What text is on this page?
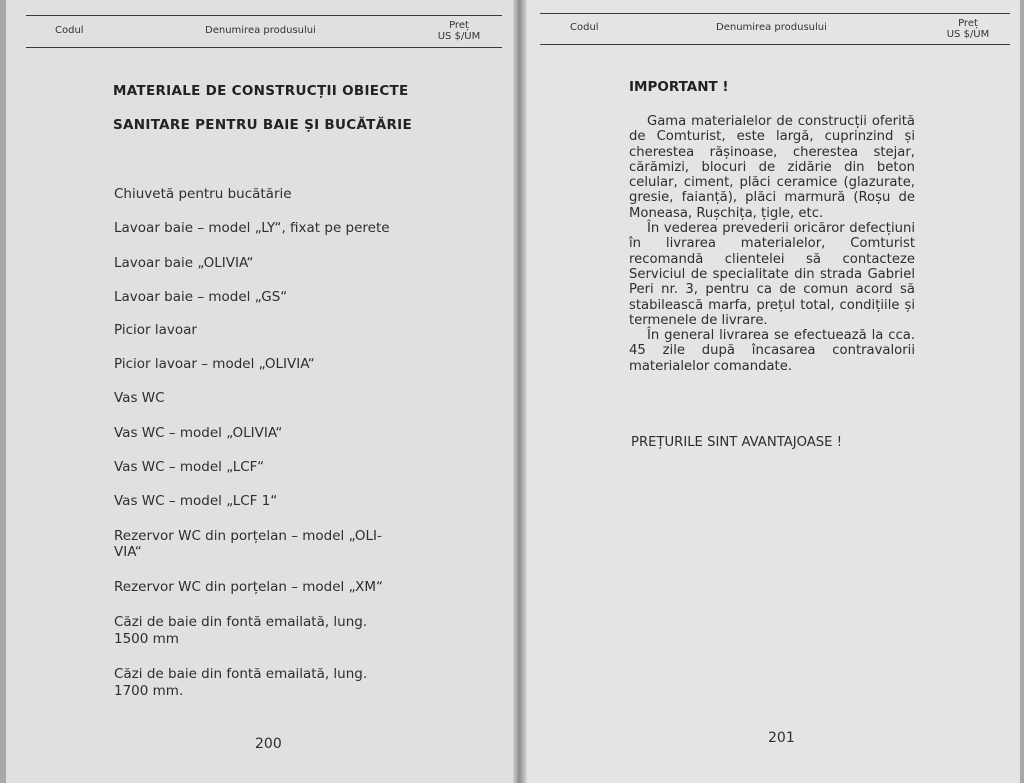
Codul	Denumirea produsului	Preț
US $/UM
Codul	Denumirea produsului	Preț
US $/UM
MATERIALE DE CONSTRUCȚII OBIECTE
SANITARE PENTRU BAIE ȘI BUCĂTĂRIE
Chiuvetă pentru bucătărie
Lavoar baie – model „LY“, fixat pe perete
Lavoar baie „OLIVIA“
Lavoar baie – model „GS“
Picior lavoar
Picior lavoar – model „OLIVIA“
Vas WC
Vas WC – model „OLIVIA“
Vas WC – model „LCF“
Vas WC – model „LCF 1“
Rezervor WC din porțelan – model „OLI-
VIA“
Rezervor WC din porțelan – model „XM“
Căzi de baie din fontă emailată, lung.
1500 mm
Căzi de baie din fontă emailată, lung.
1700 mm.
200
IMPORTANT !

Gama materialelor de construcții oferită de Comturist, este largă, cuprinzind și cherestea rășinoase, cherestea stejar, cărămizi, blocuri de zidărie din beton celular, ciment, plăci ceramice (glazurate, gresie, faianță), plăci marmură (Roșu de Moneasa, Rușchița, țigle, etc.

În vederea prevederii oricăror defecțiuni în livrarea materialelor, Comturist recomandă clientelei să contacteze Serviciul de specialitate din strada Gabriel Peri nr. 3, pentru ca de comun acord să stabilească marfa, prețul total, condițiile și termenele de livrare.

În general livrarea se efectuează la cca. 45 zile după încasarea contravalorii materialelor comandate.

PREȚURILE SINT AVANTAJOASE !
201
